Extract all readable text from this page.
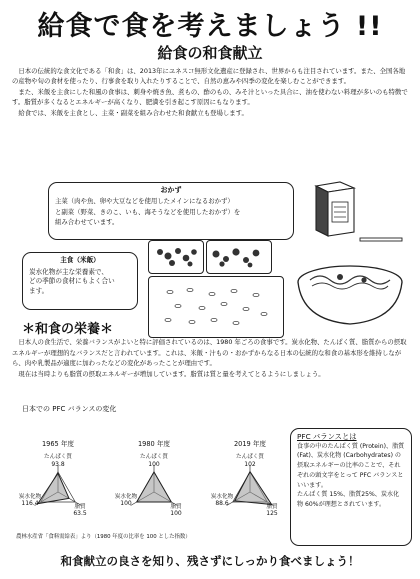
給食で食を考えましょう !!
給食の和食献立

日本の伝統的な食文化である「和食」は、2013年にユネスコ無形文化遺産に登録され、世界からも注目されています。また、全国各地の産物や旬の食材を使ったり、行事食を取り入れたりすることで、自然の恵みや四季の変化を楽しむことができます。

また、米飯を主食にした和風の食事は、刺身や焼き魚、煮もの、酢のもの、みそ汁といった具合に、油を使わない料理が多いのも特徴です。脂質が多くなるとエネルギーが高くなり、肥満を引き起こす原因にもなります。

給食では、米飯を主食とし、主菜・副菜を組み合わせた和食献立も登場します。

おかず
主菜（肉や魚、卵や大豆などを使用したメインになるおかず）
と副菜（野菜、きのこ、いも、海そうなどを使用したおかず）を
組み合わせています。
主食（米飯）
炭水化物が主な栄養素で、
どの季節の食材にもよく合い
ます。
＊和食の栄養＊

日本人の食生活で、栄養バランスがよいと特に評価されているのは、1980 年ごろの食事です。炭水化物、たんぱく質、脂質からの摂取エネルギーが理想的なバランスだと言われています。これは、米飯・汁もの・おかずからなる日本の伝統的な和食の基本形を維持しながら、肉や乳製品が適度に加わったなどの変化があったことが理由です。

現在は当時よりも脂質の摂取エネルギーが増加しています。脂質は質と量を考えてとるようにしましょう。

日本での PFC バランスの変化
1965 年度
たんぱく質
93.8
脂質
63.5
炭水化物
116.4
1980 年度
たんぱく質
100
脂質
100
炭水化物
100
2019 年度
たんぱく質
102
脂質
125
炭水化物
88.6
PFC バランスとは

食事の中のたんぱく質 (Protein)、脂質 (Fat)、炭水化物 (Carbohydrates) の摂取エネルギーの比率のことで、それぞれの頭文字をとって PFC バランスといいます。

たんぱく質 15%、脂質25%、炭水化物 60%が理想とされています。

農林水産省「食料需給表」より（1980 年度の比率を 100 とした指数）
和食献立の良さを知り、残さずにしっかり食べましょう！
